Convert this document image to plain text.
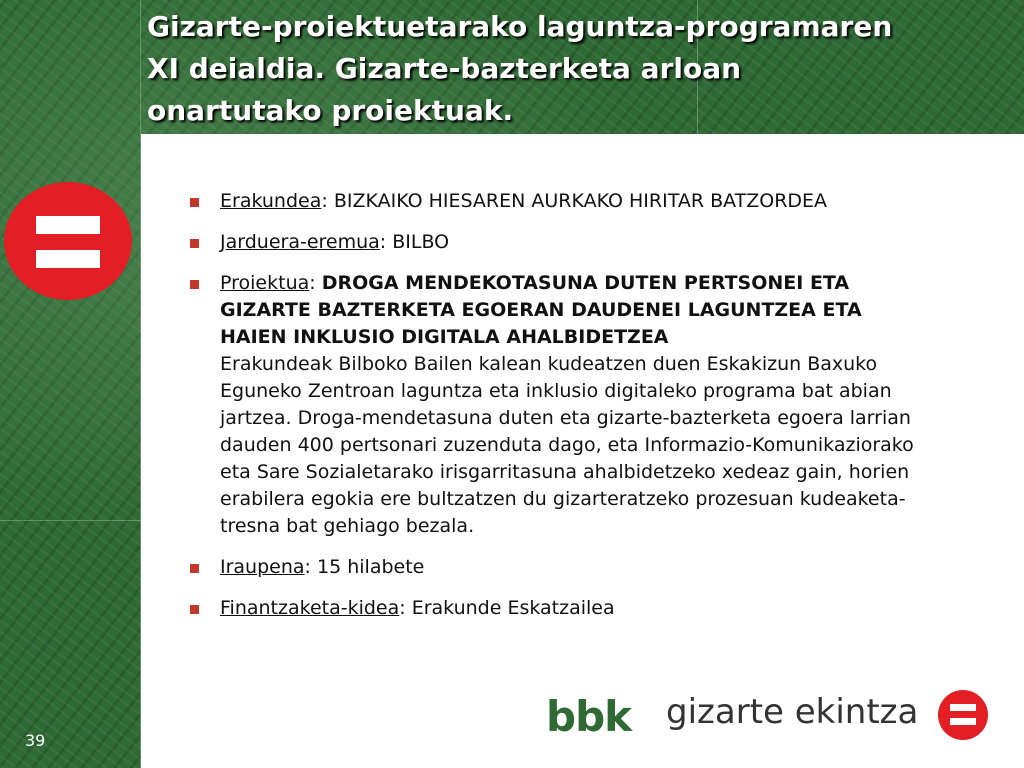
Gizarte-proiektuetarako laguntza-programaren
XI deialdia. Gizarte-bazterketa arloan
onartutako proiektuak.
Erakundea: BIZKAIKO HIESAREN AURKAKO HIRITAR BATZORDEA
Jarduera-eremua: BILBO
Proiektua: DROGA MENDEKOTASUNA DUTEN PERTSONEI ETA
GIZARTE BAZTERKETA EGOERAN DAUDENEI LAGUNTZEA ETA
HAIEN INKLUSIO DIGITALA AHALBIDETZEA
Erakundeak Bilboko Bailen kalean kudeatzen duen Eskakizun Baxuko
Eguneko Zentroan laguntza eta inklusio digitaleko programa bat abian
jartzea. Droga-mendetasuna duten eta gizarte-bazterketa egoera larrian
dauden 400 pertsonari zuzenduta dago, eta Informazio-Komunikaziorako
eta Sare Sozialetarako irisgarritasuna ahalbidetzeko xedeaz gain, horien
erabilera egokia ere bultzatzen du gizarteratzeko prozesuan kudeaketa-
tresna bat gehiago bezala.
Iraupena: 15 hilabete
Finantzaketa-kidea: Erakunde Eskatzailea
bbk gizarte ekintza
39
